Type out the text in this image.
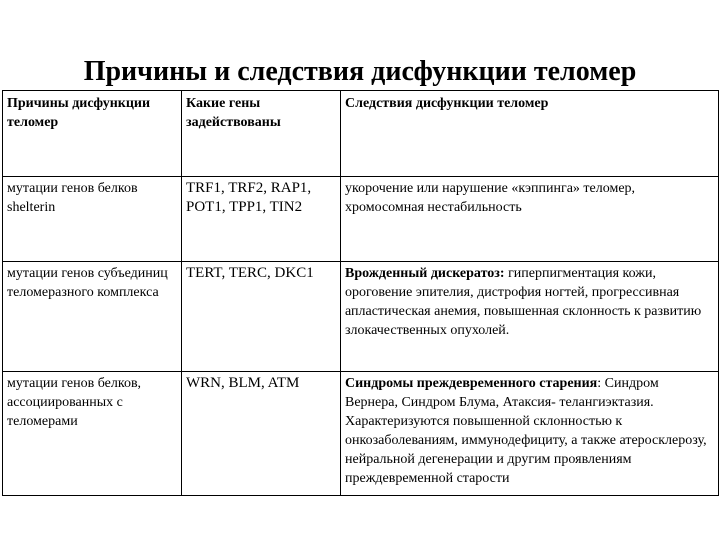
Причины и следствия дисфункции теломер
Причины дисфункции теломер	Какие гены задействованы	Следствия дисфункции теломер
мутации генов белков shelterin	TRF1, TRF2, RAP1, POT1, TPP1, TIN2	укорочение или нарушение «кэппинга» теломер, хромосомная нестабильность
мутации генов субъединиц теломеразного комплекса	TERT, TERC, DKC1	Врожденный дискератоз: гиперпигментация кожи, ороговение эпителия, дистрофия ногтей, прогрессивная апластическая анемия, повышенная склонность к развитию злокачественных опухолей.
мутации генов белков, ассоциированных с теломерами	WRN, BLM, ATM	Синдромы преждевременного старения: Синдром Вернера, Синдром Блума, Атаксия- телангиэктазия. Характеризуются повышенной склонностью к онкозаболеваниям, иммунодефициту, а также атеросклерозу, нейральной дегенерации и другим проявлениям преждевременной старости
